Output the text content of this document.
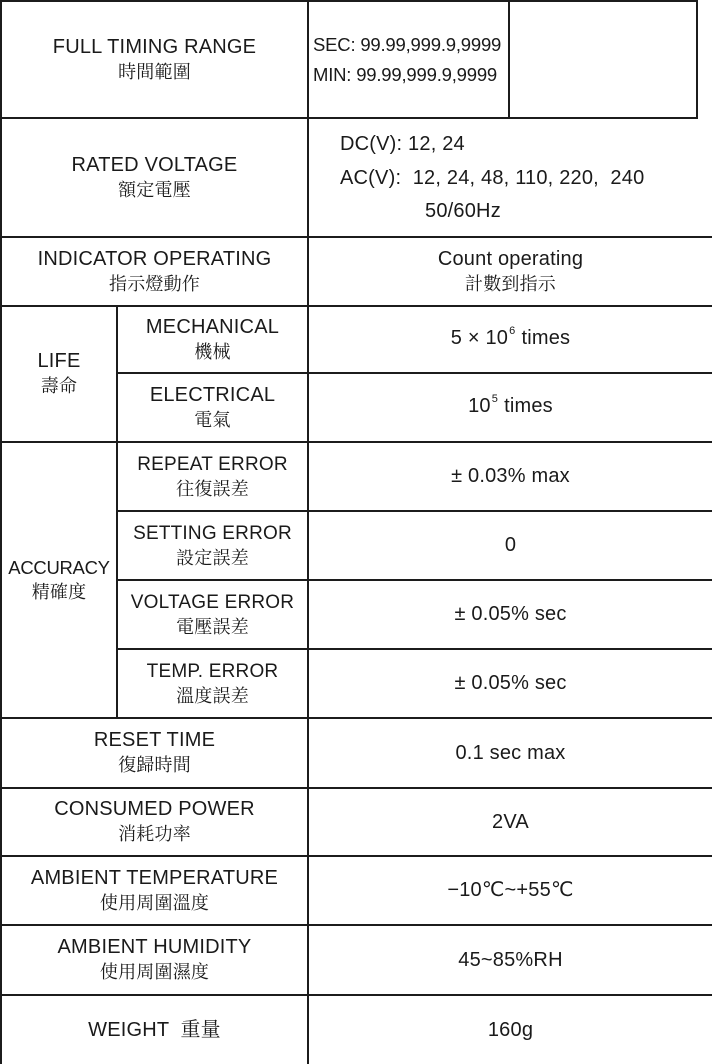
FULL TIMING RANGE
時間範圍
SEC: 99.99,999.9,9999
MIN: 99.99,999.9,9999
RATED VOLTAGE
額定電壓
DC(V): 12, 24
AC(V):  12, 24, 48, 110, 220,  240
50/60Hz
INDICATOR OPERATING
指示燈動作
Count operating
計數到指示
LIFE
壽命
MECHANICAL
機械
$5 \times 10^6$ times
ELECTRICAL
電氣
$10^5$ times
ACCURACY
精確度
REPEAT ERROR
往復誤差
± 0.03% max
SETTING ERROR
設定誤差
0
VOLTAGE ERROR
電壓誤差
± 0.05% sec
TEMP. ERROR
溫度誤差
± 0.05% sec
RESET TIME
復歸時間
0.1 sec max
CONSUMED POWER
消耗功率
2VA
AMBIENT TEMPERATURE
使用周圍溫度
−10℃~+55℃
AMBIENT HUMIDITY
使用周圍濕度
45~85%RH
WEIGHT  重量	160g
